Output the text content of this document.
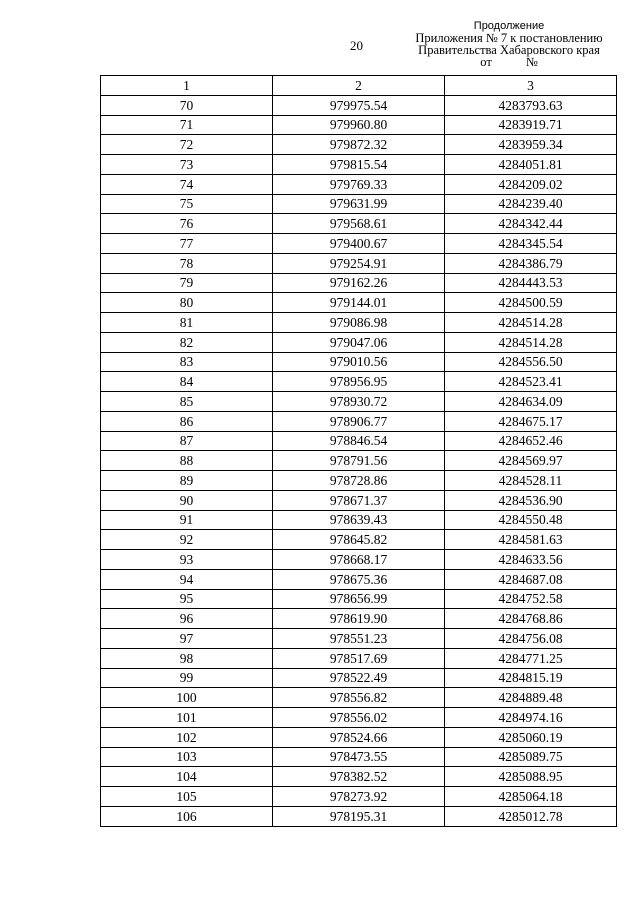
20
Продолжение
Приложения № 7 к постановлению
Правительства Хабаровского края
от	№
1	2	3
70	979975.54	4283793.63
71	979960.80	4283919.71
72	979872.32	4283959.34
73	979815.54	4284051.81
74	979769.33	4284209.02
75	979631.99	4284239.40
76	979568.61	4284342.44
77	979400.67	4284345.54
78	979254.91	4284386.79
79	979162.26	4284443.53
80	979144.01	4284500.59
81	979086.98	4284514.28
82	979047.06	4284514.28
83	979010.56	4284556.50
84	978956.95	4284523.41
85	978930.72	4284634.09
86	978906.77	4284675.17
87	978846.54	4284652.46
88	978791.56	4284569.97
89	978728.86	4284528.11
90	978671.37	4284536.90
91	978639.43	4284550.48
92	978645.82	4284581.63
93	978668.17	4284633.56
94	978675.36	4284687.08
95	978656.99	4284752.58
96	978619.90	4284768.86
97	978551.23	4284756.08
98	978517.69	4284771.25
99	978522.49	4284815.19
100	978556.82	4284889.48
101	978556.02	4284974.16
102	978524.66	4285060.19
103	978473.55	4285089.75
104	978382.52	4285088.95
105	978273.92	4285064.18
106	978195.31	4285012.78
